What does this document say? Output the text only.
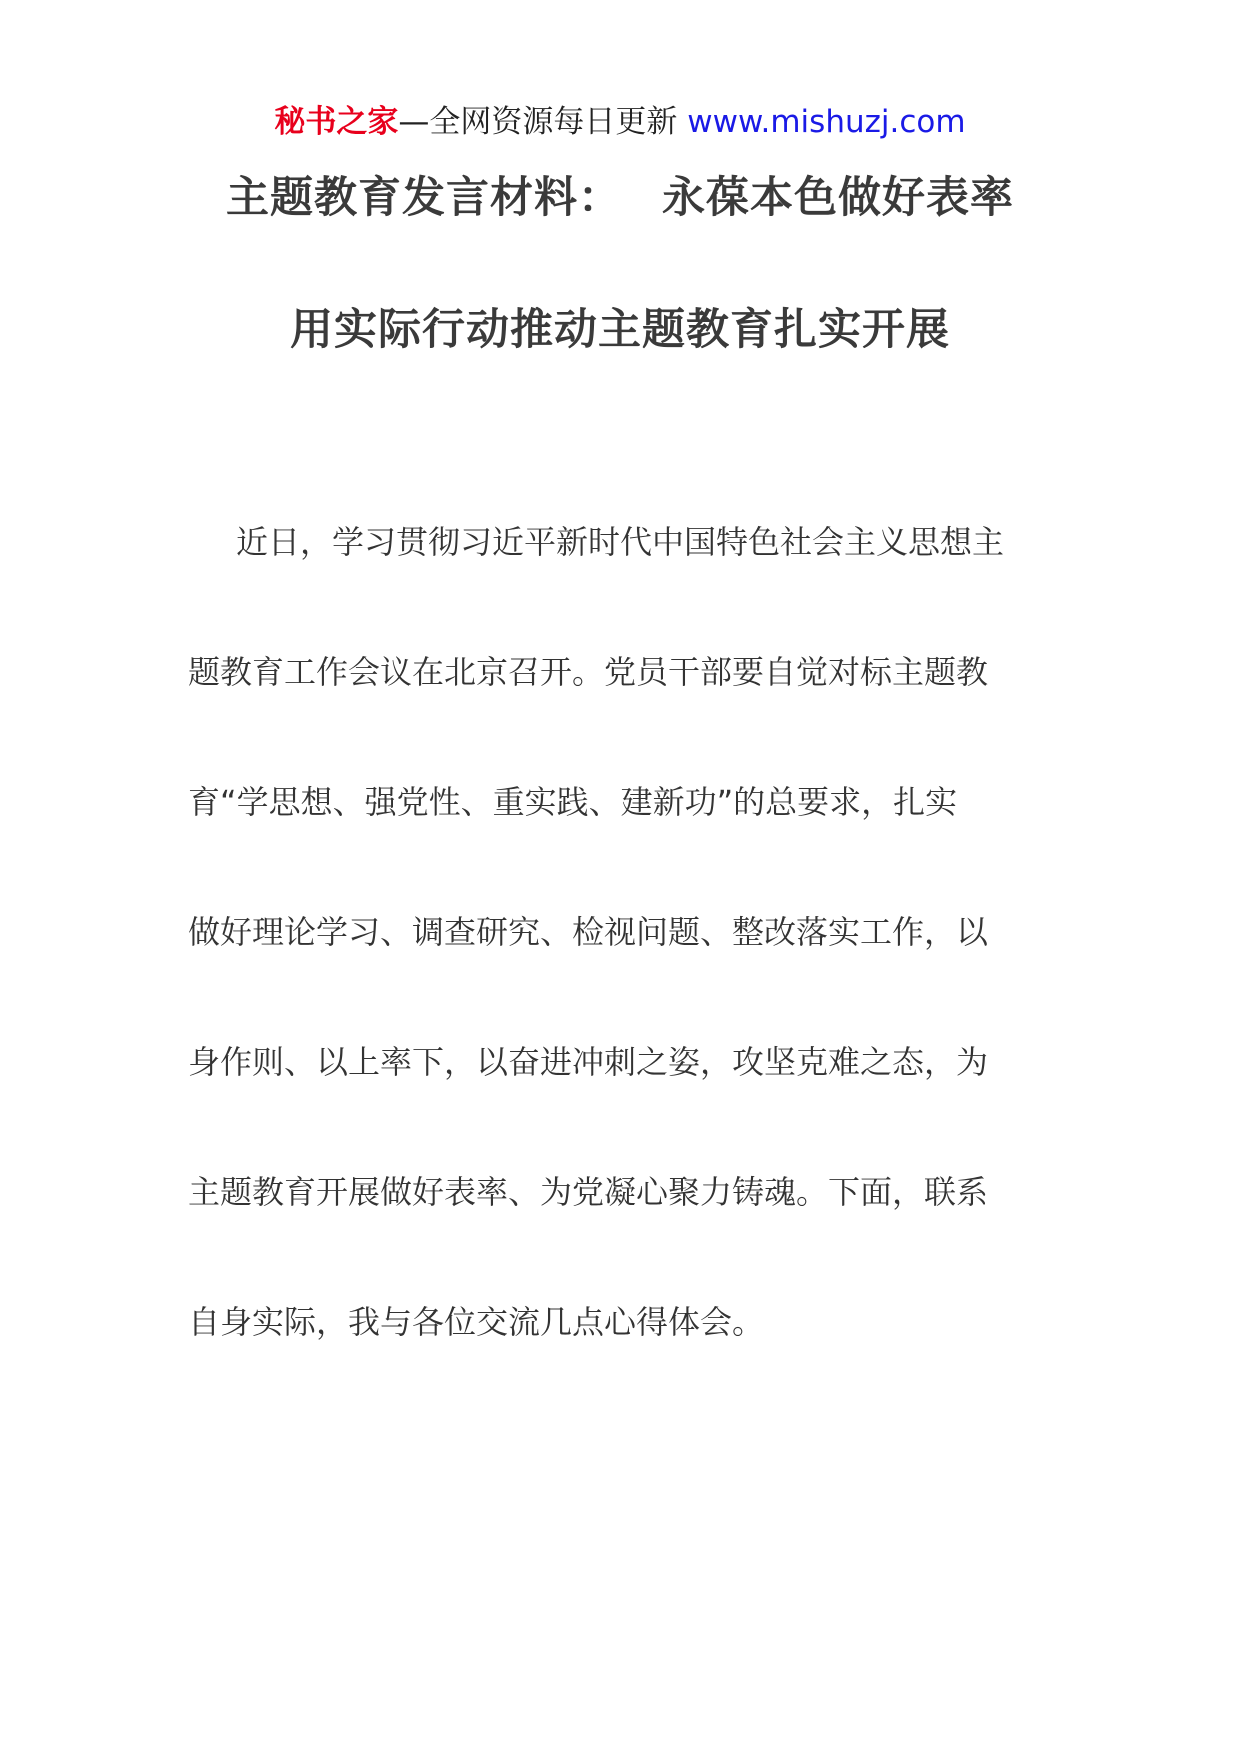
秘书之家—全网资源每日更新 www.mishuzj.com
主题教育发言材料： 永葆本色做好表率
用实际行动推动主题教育扎实开展
近日，学习贯彻习近平新时代中国特色社会主义思想主
题教育工作会议在北京召开。党员干部要自觉对标主题教
育“学思想、强党性、重实践、建新功”的总要求，扎实
做好理论学习、调查研究、检视问题、整改落实工作，以
身作则、以上率下，以奋进冲刺之姿，攻坚克难之态，为
主题教育开展做好表率、为党凝心聚力铸魂。下面，联系
自身实际，我与各位交流几点心得体会。
